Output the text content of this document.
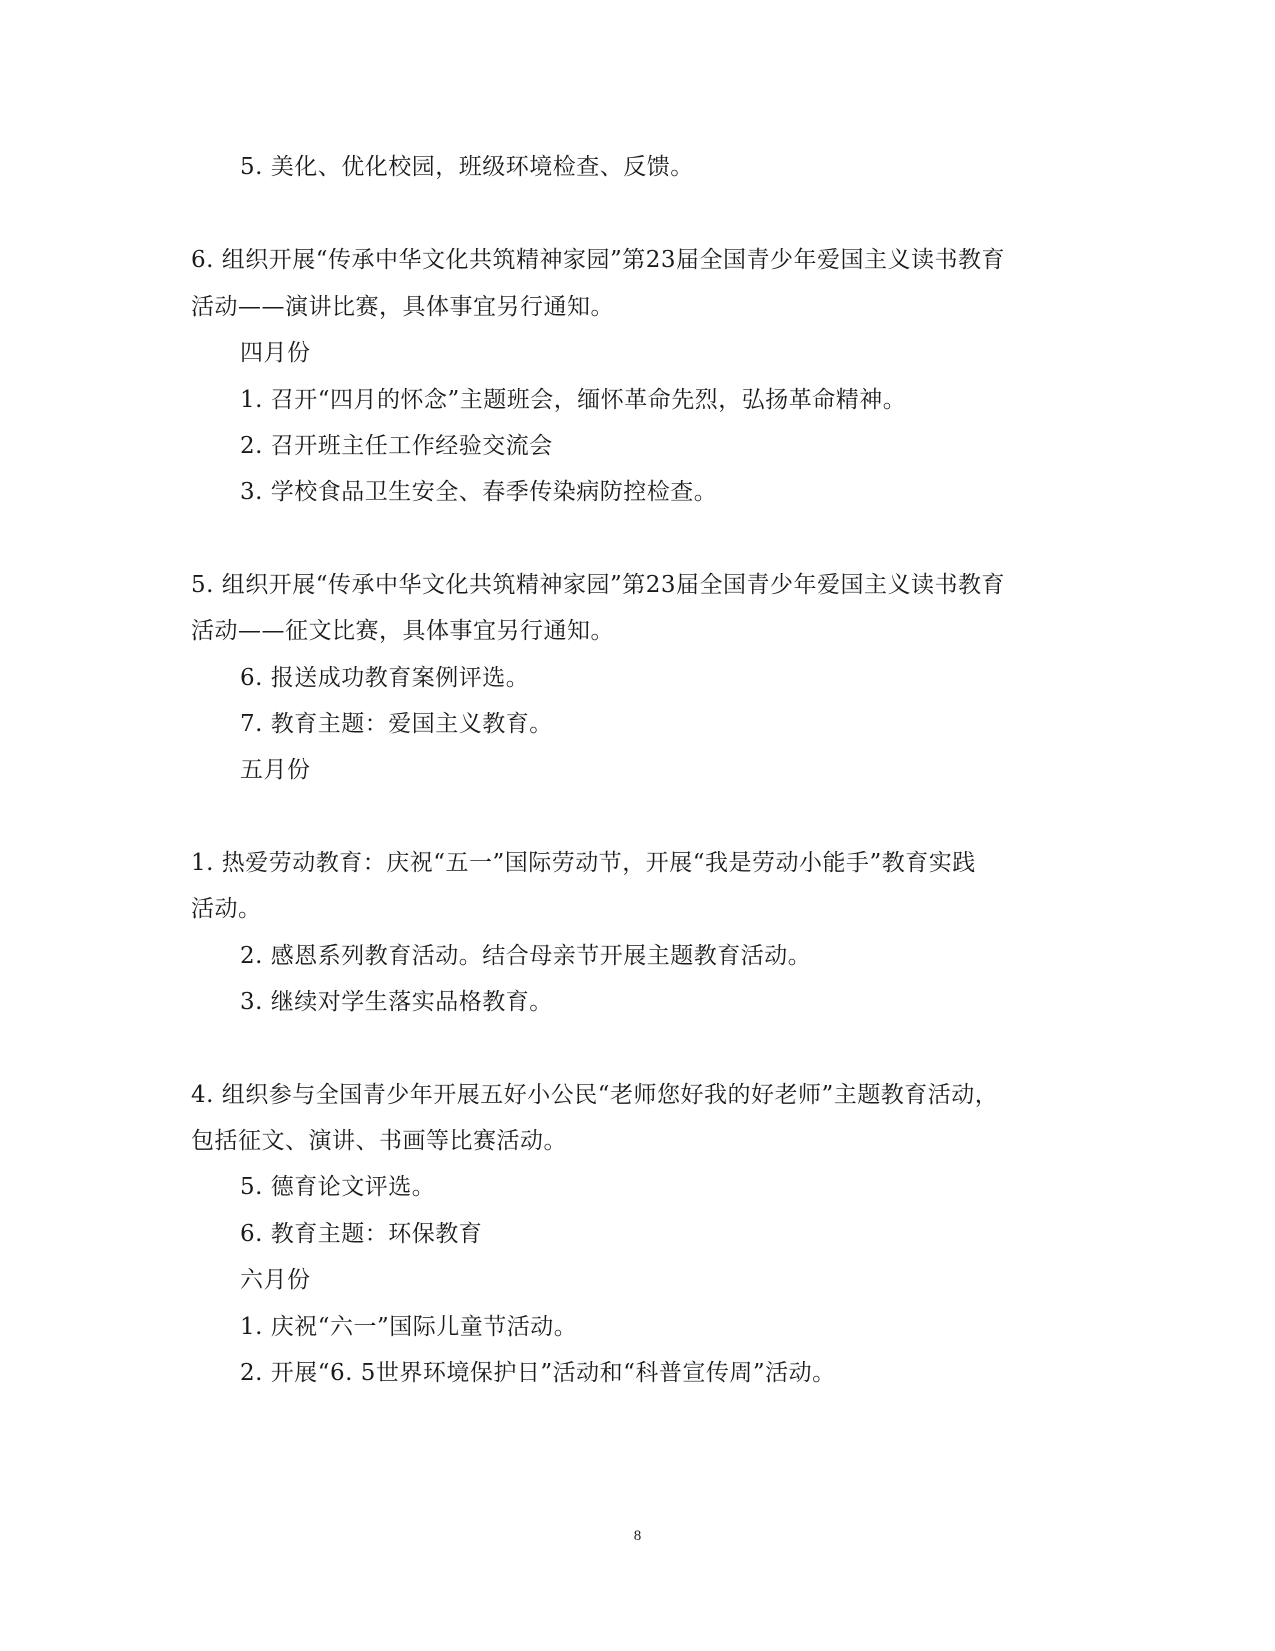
5. 美化、优化校园，班级环境检查、反馈。
6. 组织开展“传承中华文化共筑精神家园”第23届全国青少年爱国主义读书教育
活动——演讲比赛，具体事宜另行通知。
四月份
1. 召开“四月的怀念”主题班会，缅怀革命先烈，弘扬革命精神。
2. 召开班主任工作经验交流会
3. 学校食品卫生安全、春季传染病防控检查。
5. 组织开展“传承中华文化共筑精神家园”第23届全国青少年爱国主义读书教育
活动——征文比赛，具体事宜另行通知。
6. 报送成功教育案例评选。
7. 教育主题：爱国主义教育。
五月份
1. 热爱劳动教育：庆祝“五一”国际劳动节，开展“我是劳动小能手”教育实践
活动。
2. 感恩系列教育活动。结合母亲节开展主题教育活动。
3. 继续对学生落实品格教育。
4. 组织参与全国青少年开展五好小公民“老师您好我的好老师”主题教育活动，
包括征文、演讲、书画等比赛活动。
5. 德育论文评选。
6. 教育主题：环保教育
六月份
1. 庆祝“六一”国际儿童节活动。
2. 开展“6. 5世界环境保护日”活动和“科普宣传周”活动。
8
